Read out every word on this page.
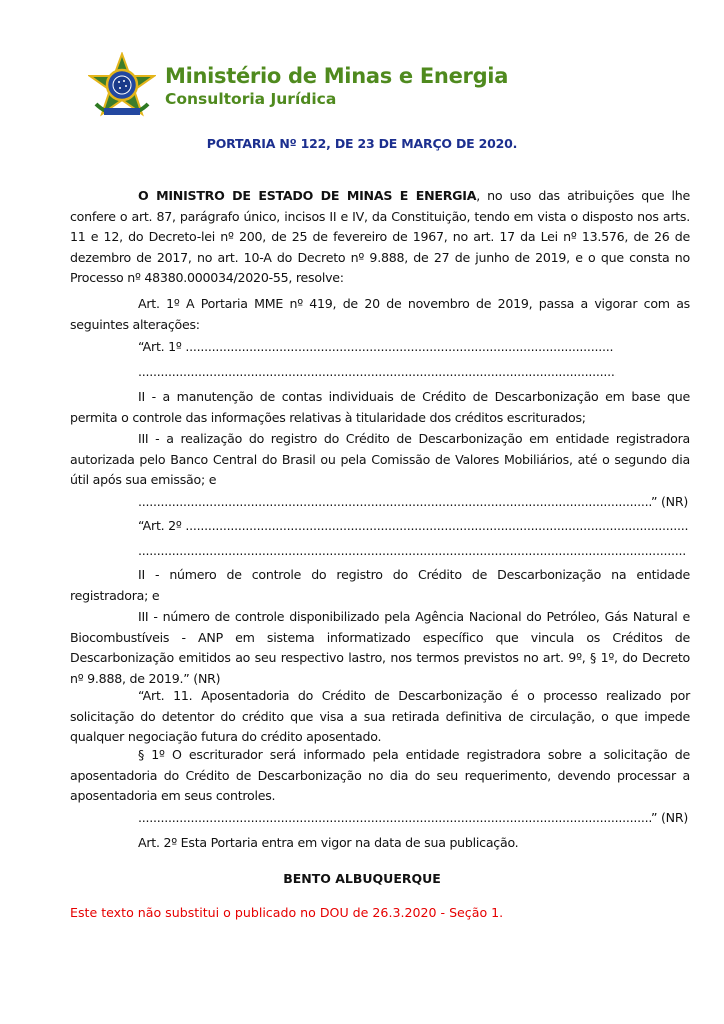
Ministério de Minas e Energia
Consultoria Jurídica
PORTARIA Nº 122, DE 23 DE MARÇO DE 2020.
O MINISTRO DE ESTADO DE MINAS E ENERGIA, no uso das atribuições que lhe confere o art. 87, parágrafo único, incisos II e IV, da Constituição, tendo em vista o disposto nos arts. 11 e 12, do Decreto-lei nº 200, de 25 de fevereiro de 1967, no art. 17 da Lei nº 13.576, de 26 de dezembro de 2017, no art. 10-A do Decreto nº 9.888, de 27 de junho de 2019, e o que consta no Processo nº 48380.000034/2020-55, resolve:
Art. 1º A Portaria MME nº 419, de 20 de novembro de 2019, passa a vigorar com as seguintes alterações:
“Art. 1º
.....
.....
II - a manutenção de contas individuais de Crédito de Descarbonização em base que permita o controle das informações relativas à titularidade dos créditos escriturados;
III - a realização do registro do Crédito de Descarbonização em entidade registradora autorizada pelo Banco Central do Brasil ou pela Comissão de Valores Mobiliários, até o segundo dia útil após sua emissão; e
.....
” (NR)
“Art. 2º
.....
.....
II - número de controle do registro do Crédito de Descarbonização na entidade registradora; e
III - número de controle disponibilizado pela Agência Nacional do Petróleo, Gás Natural e Biocombustíveis - ANP em sistema informatizado específico que vincula os Créditos de Descarbonização emitidos ao seu respectivo lastro, nos termos previstos no art. 9º, § 1º, do Decreto nº 9.888, de 2019.” (NR)
“Art. 11. Aposentadoria do Crédito de Descarbonização é o processo realizado por solicitação do detentor do crédito que visa a sua retirada definitiva de circulação, o que impede qualquer negociação futura do crédito aposentado.
§ 1º O escriturador será informado pela entidade registradora sobre a solicitação de aposentadoria do Crédito de Descarbonização no dia do seu requerimento, devendo processar a aposentadoria em seus controles.
.....
” (NR)
Art. 2º Esta Portaria entra em vigor na data de sua publicação.
BENTO ALBUQUERQUE
Este texto não substitui o publicado no DOU de 26.3.2020 - Seção 1.
